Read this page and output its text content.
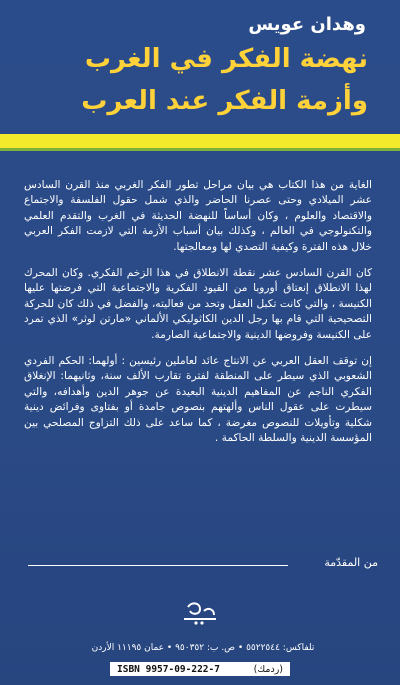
وهدان عويس
نهضة الفكر في الغرب
وأزمة الفكر عند العرب

الغاية من هذا الكتاب هي بيان مراحل تطور الفكر الغربي منذ القرن السادس عشر الميلادي وحتى عصرنا الحاضر والذي شمل حقول الفلسفة والاجتماع والاقتصاد والعلوم ، وكان أساساً للنهضة الحديثة في الغرب والتقدم العلمي والتكنولوجي في العالم ، وكذلك بيان أسباب الأزمة التي لازمت الفكر العربي خلال هذه الفترة وكيفية التصدي لها ومعالجتها.

كان القرن السادس عشر نقطة الانطلاق في هذا الزخم الفكري. وكان المحرك لهذا الانطلاق إنعتاق أوروبا من القيود الفكرية والاجتماعية التي فرضتها عليها الكنيسة ، والتي كانت تكبل العقل وتحد من فعاليته، والفضل في ذلك كان للحركة التصحيحية التي قام بها رجل الدين الكاثوليكي الألماني «مارتن لوثر» الذي تمرد على الكنيسة وفروضها الدينية والاجتماعية الصارمة.

إن توقف العقل العربي عن الانتاج عائد لعاملين رئيسين : أولهما: الحكم الفردي الشعوبي الذي سيطر على المنطقة لفترة تقارب الألف سنة، وثانيهما: الإنغلاق الفكري الناجم عن المفاهيم الدينية البعيدة عن جوهر الدين وأهدافه، والتي سيطرت على عقول الناس وألهتهم بنصوص جامدة أو بفتاوى وفرائض دينية شكلية وتأويلات للنصوص مغرضة ، كما ساعد على ذلك التزاوج المصلحي بين المؤسسة الدينية والسلطة الحاكمة .

من المقدّمة
تلفاكس: ٥٥٢٢٥٤٤ • ص. ب: ٩٥٠٣٥٢ • عمان ١١١٩٥ الأردن
ISBN 9957-09-222-7	(ردمك)
